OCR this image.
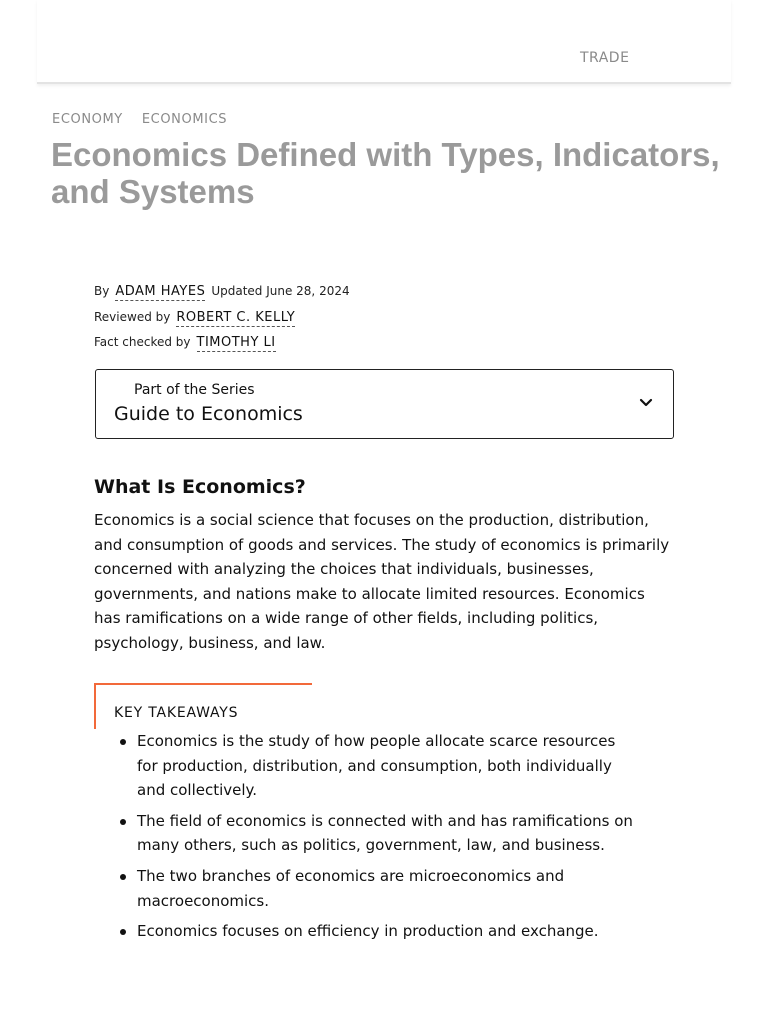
TRADE
ECONOMY ECONOMICS
Economics Defined with Types, Indicators, and Systems
By ADAM HAYES Updated June 28, 2024
Reviewed by ROBERT C. KELLY
Fact checked by TIMOTHY LI
Part of the Series
Guide to Economics
What Is Economics?

Economics is a social science that focuses on the production, distribution, and consumption of goods and services. The study of economics is primarily concerned with analyzing the choices that individuals, businesses, governments, and nations make to allocate limited resources. Economics has ramifications on a wide range of other fields, including politics, psychology, business, and law.

KEY TAKEAWAYS
Economics is the study of how people allocate scarce resources for production, distribution, and consumption, both individually and collectively.
The field of economics is connected with and has ramifications on many others, such as politics, government, law, and business.
The two branches of economics are microeconomics and macroeconomics.
Economics focuses on efficiency in production and exchange.
